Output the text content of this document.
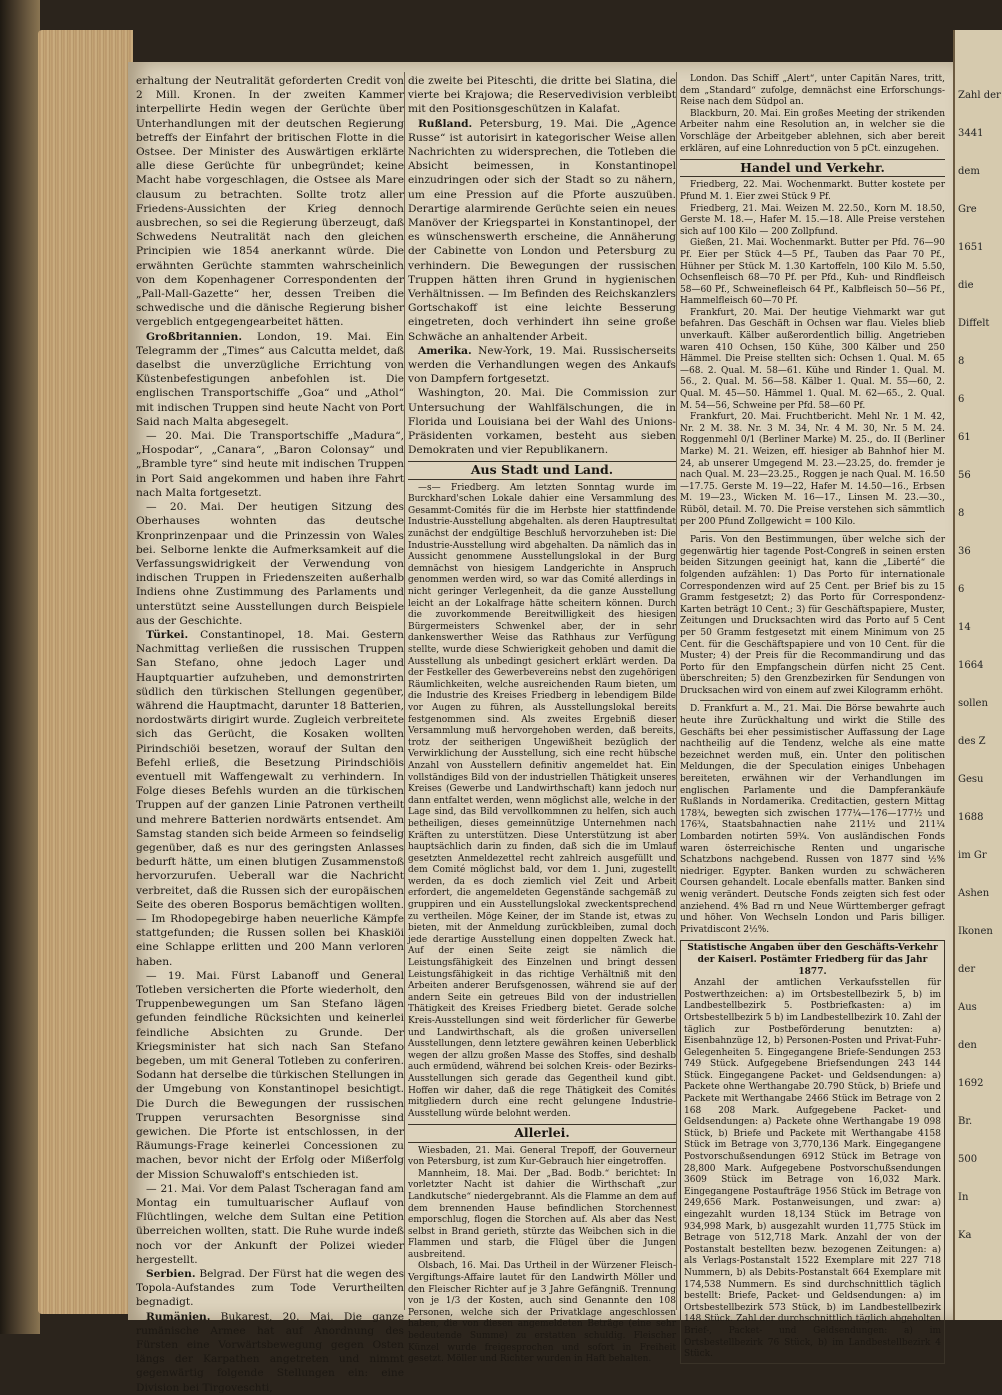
erhaltung der Neutralität geforderten Credit von 2 Mill. Kronen. In der zweiten Kammer interpellirte Hedin wegen der Gerüchte über Unterhandlungen mit der deutschen Regierung betreffs der Einfahrt der britischen Flotte in die Ostsee. Der Minister des Auswärtigen erklärte alle diese Gerüchte für unbegründet; keine Macht habe vorgeschlagen, die Ostsee als Mare clausum zu betrachten. Sollte trotz aller Friedens-Aussichten der Krieg dennoch ausbrechen, so sei die Regierung überzeugt, daß Schwedens Neutralität nach den gleichen Principien wie 1854 anerkannt würde. Die erwähnten Gerüchte stammten wahrscheinlich von dem Kopenhagener Correspondenten der „Pall-Mall-Gazette“ her, dessen Treiben die schwedische und die dänische Regierung bisher vergeblich entgegengearbeitet hätten.

Großbritannien. London, 19. Mai. Ein Telegramm der „Times“ aus Calcutta meldet, daß daselbst die unverzügliche Errichtung von Küstenbefestigungen anbefohlen ist. Die englischen Transportschiffe „Goa“ und „Athol“ mit indischen Truppen sind heute Nacht von Port Said nach Malta abgesegelt.

— 20. Mai. Die Transportschiffe „Madura“, „Hospodar“, „Canara“, „Baron Colonsay“ und „Bramble tyre“ sind heute mit indischen Truppen in Port Said angekommen und haben ihre Fahrt nach Malta fortgesetzt.

— 20. Mai. Der heutigen Sitzung des Oberhauses wohnten das deutsche Kronprinzenpaar und die Prinzessin von Wales bei. Selborne lenkte die Aufmerksamkeit auf die Verfassungswidrigkeit der Verwendung von indischen Truppen in Friedenszeiten außerhalb Indiens ohne Zustimmung des Parlaments und unterstützt seine Ausstellungen durch Beispiele aus der Geschichte.

Türkei. Constantinopel, 18. Mai. Gestern Nachmittag verließen die russischen Truppen San Stefano, ohne jedoch Lager und Hauptquartier aufzuheben, und demonstrirten südlich den türkischen Stellungen gegenüber, während die Hauptmacht, darunter 18 Batterien, nordostwärts dirigirt wurde. Zugleich verbreitete sich das Gerücht, die Kosaken wollten Pirindschiöi besetzen, worauf der Sultan den Befehl erließ, die Besetzung Pirindschiöis eventuell mit Waffengewalt zu verhindern. In Folge dieses Befehls wurden an die türkischen Truppen auf der ganzen Linie Patronen vertheilt und mehrere Batterien nordwärts entsendet. Am Samstag standen sich beide Armeen so feindselig gegenüber, daß es nur des geringsten Anlasses bedurft hätte, um einen blutigen Zusammenstoß hervorzurufen. Ueberall war die Nachricht verbreitet, daß die Russen sich der europäischen Seite des oberen Bosporus bemächtigen wollten. — Im Rhodopegebirge haben neuerliche Kämpfe stattgefunden; die Russen sollen bei Khaskiöi eine Schlappe erlitten und 200 Mann verloren haben.

— 19. Mai. Fürst Labanoff und General Totleben versicherten die Pforte wiederholt, den Truppenbewegungen um San Stefano lägen gefunden feindliche Rücksichten und keinerlei feindliche Absichten zu Grunde. Der Kriegsminister hat sich nach San Stefano begeben, um mit General Totleben zu conferiren. Sodann hat derselbe die türkischen Stellungen in der Umgebung von Konstantinopel besichtigt. Die Durch die Bewegungen der russischen Truppen verursachten Besorgnisse sind gewichen. Die Pforte ist entschlossen, in der Räumungs-Frage keinerlei Concessionen zu machen, bevor nicht der Erfolg oder Mißerfolg der Mission Schuwaloff's entschieden ist.

— 21. Mai. Vor dem Palast Tscheragan fand am Montag ein tumultuarischer Auflauf von Flüchtlingen, welche dem Sultan eine Petition überreichen wollten, statt. Die Ruhe wurde indeß noch vor der Ankunft der Polizei wieder hergestellt.

Serbien. Belgrad. Der Fürst hat die wegen des Topola-Aufstandes zum Tode Verurtheilten begnadigt.

Rumänien. Bukarest, 20. Mai. Die ganze rumänische Armee hat auf Anordnung des Fürsten eine Vorwärtsbewegung gegen Osten längs der Karpathen angetreten und nimmt gegenwärtig folgende Stellungen ein: eine Division bei Tirgoveschti,

die zweite bei Piteschti, die dritte bei Slatina, die vierte bei Krajowa; die Reservedivision verbleibt mit den Positionsgeschützen in Kalafat.

Rußland. Petersburg, 19. Mai. Die „Agence Russe“ ist autorisirt in kategorischer Weise allen Nachrichten zu widersprechen, die Totleben die Absicht beimessen, in Konstantinopel einzudringen oder sich der Stadt so zu nähern, um eine Pression auf die Pforte auszuüben. Derartige alarmirende Gerüchte seien ein neues Manöver der Kriegspartei in Konstantinopel, der es wünschenswerth erscheine, die Annäherung der Cabinette von London und Petersburg zu verhindern. Die Bewegungen der russischen Truppen hätten ihren Grund in hygienischen Verhältnissen. — Im Befinden des Reichskanzlers Gortschakoff ist eine leichte Besserung eingetreten, doch verhindert ihn seine große Schwäche an anhaltender Arbeit.

Amerika. New-York, 19. Mai. Russischerseits werden die Verhandlungen wegen des Ankaufs von Dampfern fortgesetzt.

Washington, 20. Mai. Die Commission zur Untersuchung der Wahlfälschungen, die in Florida und Louisiana bei der Wahl des Unions-Präsidenten vorkamen, besteht aus sieben Demokraten und vier Republikanern.

Aus Stadt und Land.

—s— Friedberg. Am letzten Sonntag wurde im Burckhard'schen Lokale dahier eine Versammlung des Gesammt-Comités für die im Herbste hier stattfindende Industrie-Ausstellung abgehalten. als deren Hauptresultat zunächst der endgültige Beschluß hervorzuheben ist: Die Industrie-Ausstellung wird abgehalten. Da nämlich das in Aussicht genommene Ausstellungslokal in der Burg demnächst von hiesigem Landgerichte in Anspruch genommen werden wird, so war das Comité allerdings in nicht geringer Verlegenheit, da die ganze Ausstellung leicht an der Lokalfrage hätte scheitern können. Durch die zuvorkommende Bereitwilligkeit des hiesigen Bürgermeisters Schwenkel aber, der in sehr dankenswerther Weise das Rathhaus zur Verfügung stellte, wurde diese Schwierigkeit gehoben und damit die Ausstellung als unbedingt gesichert erklärt werden. Da der Festkeller des Gewerbevereins nebst den zugehörigen Räumlichkeiten, welche ausreichenden Raum bieten, um die Industrie des Kreises Friedberg in lebendigem Bilde vor Augen zu führen, als Ausstellungslokal bereits festgenommen sind. Als zweites Ergebniß dieser Versammlung muß hervorgehoben werden, daß bereits, trotz der seitherigen Ungewißheit bezüglich der Verwirklichung der Ausstellung, sich eine recht hübsche Anzahl von Ausstellern definitiv angemeldet hat. Ein vollständiges Bild von der industriellen Thätigkeit unseres Kreises (Gewerbe und Landwirthschaft) kann jedoch nur dann entfaltet werden, wenn möglichst alle, welche in der Lage sind, das Bild vervollkommnen zu helfen, sich auch betheiligen, dieses gemeinnützige Unternehmen nach Kräften zu unterstützen. Diese Unterstützung ist aber hauptsächlich darin zu finden, daß sich die im Umlauf gesetzten Anmeldezettel recht zahlreich ausgefüllt und dem Comité möglichst bald, vor dem 1. Juni, zugestellt werden, da es doch ziemlich viel Zeit und Arbeit erfordert, die angemeldeten Gegenstände sachgemäß zu gruppiren und ein Ausstellungslokal zweckentsprechend zu vertheilen. Möge Keiner, der im Stande ist, etwas zu bieten, mit der Anmeldung zurückbleiben, zumal doch jede derartige Ausstellung einen doppelten Zweck hat. Auf der einen Seite zeigt sie nämlich die Leistungsfähigkeit des Einzelnen und bringt dessen Leistungsfähigkeit in das richtige Verhältniß mit den Arbeiten anderer Berufsgenossen, während sie auf der andern Seite ein getreues Bild von der industriellen Thätigkeit des Kreises Friedberg bietet. Gerade solche Kreis-Ausstellungen sind weit förderlicher für Gewerbe und Landwirthschaft, als die großen universellen Ausstellungen, denn letztere gewähren keinen Ueberblick wegen der allzu großen Masse des Stoffes, sind deshalb auch ermüdend, während bei solchen Kreis- oder Bezirks-Ausstellungen sich gerade das Gegentheil kund gibt. Hoffen wir daher, daß die rege Thätigkeit des Comités mitgliedern durch eine recht gelungene Industrie-Ausstellung würde belohnt werden.

Allerlei.

Wiesbaden, 21. Mai. General Trepoff, der Gouverneur von Petersburg, ist zum Kur-Gebrauch hier eingetroffen.

Mannheim, 18. Mai. Der „Bad. Bodb.“ berichtet: In vorletzter Nacht ist dahier die Wirthschaft „zur Landkutsche“ niedergebrannt. Als die Flamme an dem auf dem brennenden Hause befindlichen Storchennest emporschlug, flogen die Storchen auf. Als aber das Nest selbst in Brand gerieth, stürzte das Weibchen sich in die Flammen und starb, die Flügel über die Jungen ausbreitend.

Olsbach, 16. Mai. Das Urtheil in der Würzener Fleisch-Vergiftungs-Affaire lautet für den Landwirth Möller und den Fleischer Richter auf je 3 Jahre Gefängniß. Trennung von je 1/3 der Kosten, auch sind Genannte den 108 Personen, welche sich der Privatklage angeschlossen haben, die von diesen angemeldeten Beträge (eine sehr bedeutende Summe) zu erstatten schuldig. Fleischer Künzel wurde freigesprochen und sofort in Freiheit gesetzt. Möller und Richter wurden in Haft behalten.

London. Das Schiff „Alert“, unter Capitän Nares, tritt, dem „Standard“ zufolge, demnächst eine Erforschungs-Reise nach dem Südpol an.

Blackburn, 20. Mai. Ein großes Meeting der strikenden Arbeiter nahm eine Resolution an, in welcher sie die Vorschläge der Arbeitgeber ablehnen, sich aber bereit erklären, auf eine Lohnreduction von 5 pCt. einzugehen.

Handel und Verkehr.

Friedberg, 22. Mai. Wochenmarkt. Butter kostete per Pfund M. 1. Eier zwei Stück 9 Pf.

Friedberg, 21. Mai. Weizen M. 22.50., Korn M. 18.50, Gerste M. 18.—, Hafer M. 15.—18. Alle Preise verstehen sich auf 100 Kilo — 200 Zollpfund.

Gießen, 21. Mai. Wochenmarkt. Butter per Pfd. 76—90 Pf. Eier per Stück 4—5 Pf., Tauben das Paar 70 Pf., Hühner per Stück M. 1.30 Kartoffeln, 100 Kilo M. 5.50, Ochsenfleisch 68—70 Pf. per Pfd., Kuh- und Rindfleisch 58—60 Pf., Schweinefleisch 64 Pf., Kalbfleisch 50—56 Pf., Hammelfleisch 60—70 Pf.

Frankfurt, 20. Mai. Der heutige Viehmarkt war gut befahren. Das Geschäft in Ochsen war flau. Vieles blieb unverkauft. Kälber außerordentlich billig. Angetrieben waren 410 Ochsen, 150 Kühe, 300 Kälber und 250 Hämmel. Die Preise stellten sich: Ochsen 1. Qual. M. 65—68. 2. Qual. M. 58—61. Kühe und Rinder 1. Qual. M. 56., 2. Qual. M. 56—58. Kälber 1. Qual. M. 55—60, 2. Qual. M. 45—50. Hämmel 1. Qual. M. 62—65., 2. Qual. M. 54—56, Schweine per Pfd. 58—60 Pf.

Frankfurt, 20. Mai. Fruchtbericht. Mehl Nr. 1 M. 42, Nr. 2 M. 38. Nr. 3 M. 34, Nr. 4 M. 30, Nr. 5 M. 24. Roggenmehl 0/1 (Berliner Marke) M. 25., do. II (Berliner Marke) M. 21. Weizen, eff. hiesiger ab Bahnhof hier M. 24, ab unserer Umgegend M. 23.—23.25, do. fremder je nach Qual. M. 23—23.25., Roggen je nach Qual. M. 16.50—17.75. Gerste M. 19—22, Hafer M. 14.50—16., Erbsen M. 19—23., Wicken M. 16—17., Linsen M. 23.—30., Rüböl, detail. M. 70. Die Preise verstehen sich sämmtlich per 200 Pfund Zollgewicht = 100 Kilo.

Paris. Von den Bestimmungen, über welche sich der gegenwärtig hier tagende Post-Congreß in seinen ersten beiden Sitzungen geeinigt hat, kann die „Liberté“ die folgenden aufzählen: 1) Das Porto für internationale Correspondenzen wird auf 25 Cent. per Brief bis zu 15 Gramm festgesetzt; 2) das Porto für Correspondenz-Karten beträgt 10 Cent.; 3) für Geschäftspapiere, Muster, Zeitungen und Drucksachten wird das Porto auf 5 Cent per 50 Gramm festgesetzt mit einem Minimum von 25 Cent. für die Geschäftspapiere und von 10 Cent. für die Muster; 4) der Preis für die Recommandirung und das Porto für den Empfangschein dürfen nicht 25 Cent. überschreiten; 5) den Grenzbezirken für Sendungen von Drucksachen wird von einem auf zwei Kilogramm erhöht.

D. Frankfurt a. M., 21. Mai. Die Börse bewahrte auch heute ihre Zurückhaltung und wirkt die Stille des Geschäfts bei eher pessimistischer Auffassung der Lage nachtheilig auf die Tendenz, welche als eine matte bezeichnet werden muß, ein. Unter den politischen Meldungen, die der Speculation einiges Unbehagen bereiteten, erwähnen wir der Verhandlungen im englischen Parlamente und die Dampferankäufe Rußlands in Nordamerika. Creditactien, gestern Mittag 178¾, bewegten sich zwischen 177¼—176—177½ und 176¾, Staatsbahnactien nahe 211½ und 211¼ Lombarden notirten 59¾. Von ausländischen Fonds waren österreichische Renten und ungarische Schatzbons nachgebend. Russen von 1877 sind ½% niedriger. Egypter. Banken wurden zu schwächeren Coursen gehandelt. Locale ebenfalls matter. Banken sind wenig verändert. Deutsche Fonds zeigten sich fest oder anziehend. 4% Bad rn und Neue Württemberger gefragt und höher. Von Wechseln London und Paris billiger. Privatdiscont 2½%.

Statistische Angaben über den Geschäfts-Verkehr der Kaiserl. Postämter Friedberg für das Jahr 1877.

Anzahl der amtlichen Verkaufsstellen für Postwerthzeichen: a) im Ortsbestellbezirk 5, b) im Landbestellbezirk 5. Postbriefkasten: a) im Ortsbestellbezirk 5 b) im Landbestellbezirk 10. Zahl der täglich zur Postbeförderung benutzten: a) Eisenbahnzüge 12, b) Personen-Posten und Privat-Fuhr-Gelegenheiten 5. Eingegangene Briefe-Sendungen 253 749 Stück. Aufgegebene Briefsendungen 243 144 Stück. Eingegangene Packet- und Geldsendungen: a) Packete ohne Werthangabe 20.790 Stück, b) Briefe und Packete mit Werthangabe 2466 Stück im Betrage von 2 168 208 Mark. Aufgegebene Packet- und Geldsendungen: a) Packete ohne Werthangabe 19 098 Stück, b) Briefe und Packete mit Werthangabe 4158 Stück im Betrage von 3,770,136 Mark. Eingegangene Postvorschußsendungen 6912 Stück im Betrage von 28,800 Mark. Aufgegebene Postvorschußsendungen 3609 Stück im Betrage von 16,032 Mark. Eingegangene Postaufträge 1956 Stück im Betrage von 249,656 Mark. Postanweisungen, und zwar: a) eingezahlt wurden 18,134 Stück im Betrage von 934,998 Mark, b) ausgezahlt wurden 11,775 Stück im Betrage von 512,718 Mark. Anzahl der von der Postanstalt bestellten bezw. bezogenen Zeitungen: a) als Verlags-Postanstalt 1522 Exemplare mit 227 718 Nummern, b) als Debits-Postanstalt 664 Exemplare mit 174,538 Nummern. Es sind durchschnittlich täglich bestellt: Briefe, Packet- und Geldsendungen: a) im Ortsbestellbezirk 573 Stück, b) im Landbestellbezirk 148 Stück. Zahl der durchschnittlich täglich abgeholten Brief-, Packet- und Geldsendungen: a) im Ortsbestellbezirk 76 Stück, b) im Landbestellbezirk 4 Stück.

Zahl der
3441
dem
Gre
1651
die
Diffelt
8
6
61
56
8
36
6
14
1664
sollen
des Z
Gesu
1688
im Gr
Ashen
Ikonen
der
Aus
den
1692
Br.
500
In
Ka
